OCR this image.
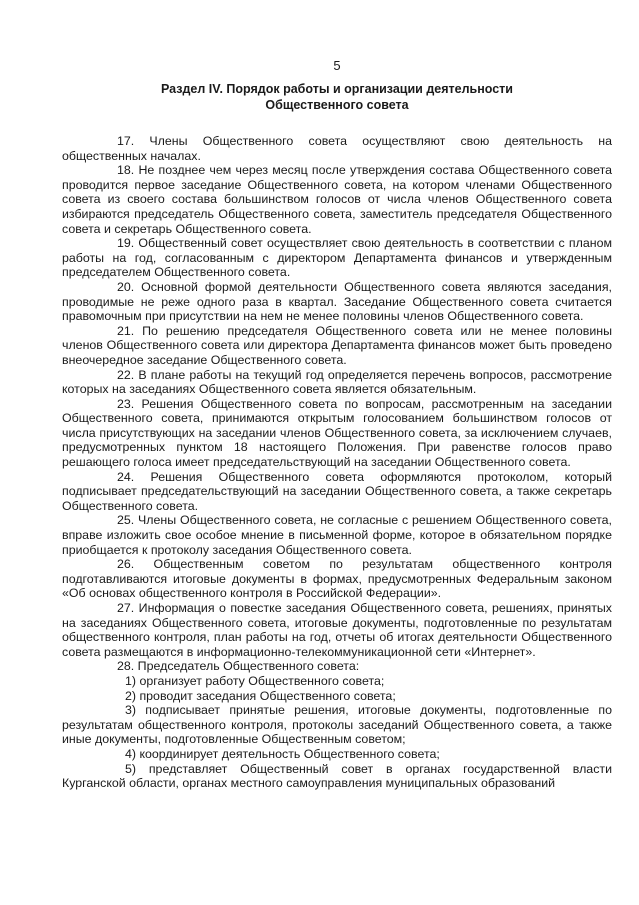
5
Раздел IV. Порядок работы и организации деятельности
Общественного совета

17. Члены Общественного совета осуществляют свою деятельность на общественных началах.

18. Не позднее чем через месяц после утверждения состава Общественного совета проводится первое заседание Общественного совета, на котором членами Общественного совета из своего состава большинством голосов от числа членов Общественного совета избираются председатель Общественного совета, заместитель председателя Общественного совета и секретарь Общественного совета.

19. Общественный совет осуществляет свою деятельность в соответствии с планом работы на год, согласованным с директором Департамента финансов и утвержденным председателем Общественного совета.

20. Основной формой деятельности Общественного совета являются заседания, проводимые не реже одного раза в квартал. Заседание Общественного совета считается правомочным при присутствии на нем не менее половины членов Общественного совета.

21. По решению председателя Общественного совета или не менее половины членов Общественного совета или директора Департамента финансов может быть проведено внеочередное заседание Общественного совета.

22. В плане работы на текущий год определяется перечень вопросов, рассмотрение которых на заседаниях Общественного совета является обязательным.

23. Решения Общественного совета по вопросам, рассмотренным на заседании Общественного совета, принимаются открытым голосованием большинством голосов от числа присутствующих на заседании членов Общественного совета, за исключением случаев, предусмотренных пунктом 18 настоящего Положения. При равенстве голосов право решающего голоса имеет председательствующий на заседании Общественного совета.

24. Решения Общественного совета оформляются протоколом, который подписывает председательствующий на заседании Общественного совета, а также секретарь Общественного совета.

25. Члены Общественного совета, не согласные с решением Общественного совета, вправе изложить свое особое мнение в письменной форме, которое в обязательном порядке приобщается к протоколу заседания Общественного совета.

26. Общественным советом по результатам общественного контроля подготавливаются итоговые документы в формах, предусмотренных Федеральным законом «Об основах общественного контроля в Российской Федерации».

27. Информация о повестке заседания Общественного совета, решениях, принятых на заседаниях Общественного совета, итоговые документы, подготовленные по результатам общественного контроля, план работы на год, отчеты об итогах деятельности Общественного совета размещаются в информационно-телекоммуникационной сети «Интернет».

28. Председатель Общественного совета:

1) организует работу Общественного совета;

2) проводит заседания Общественного совета;

3) подписывает принятые решения, итоговые документы, подготовленные по результатам общественного контроля, протоколы заседаний Общественного совета, а также иные документы, подготовленные Общественным советом;

4) координирует деятельность Общественного совета;

5) представляет Общественный совет в органах государственной власти Курганской области, органах местного самоуправления муниципальных образований
